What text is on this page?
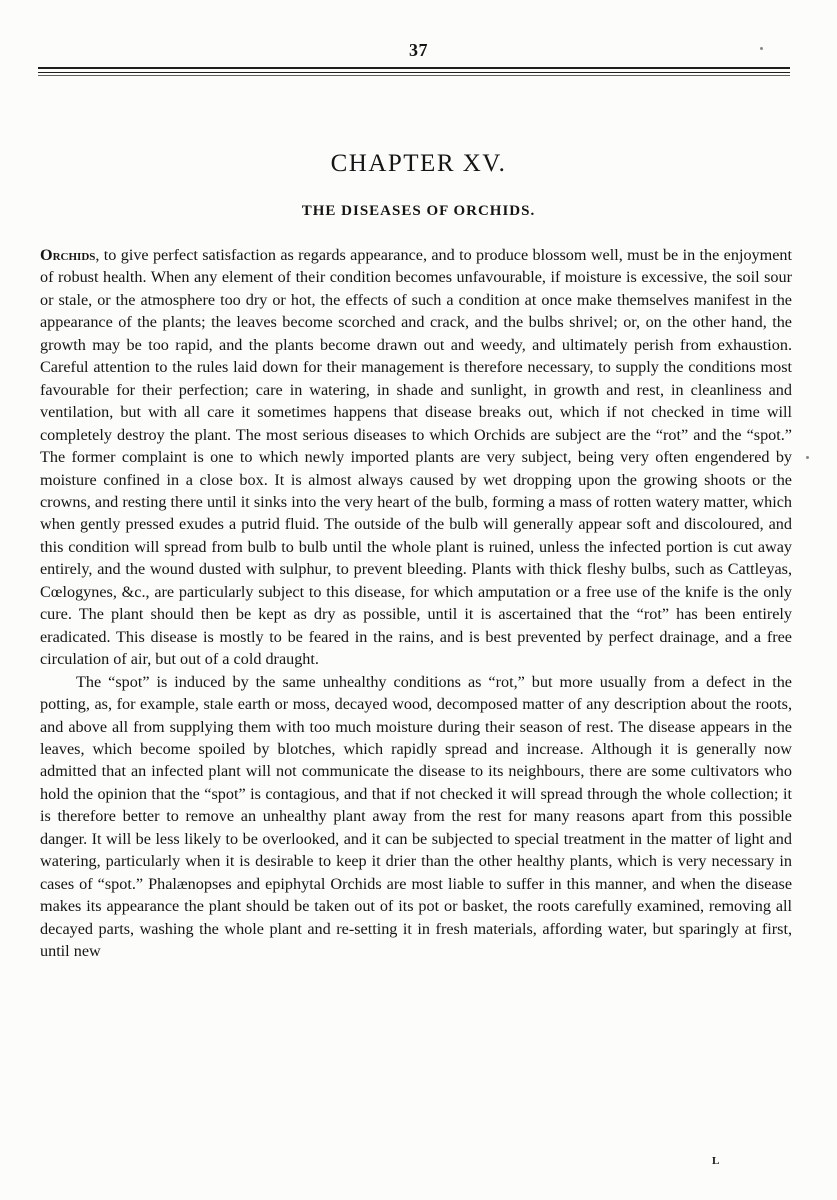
37
CHAPTER XV.
THE DISEASES OF ORCHIDS.

Orchids, to give perfect satisfaction as regards appearance, and to produce blossom well, must be in the enjoyment of robust health. When any element of their condition becomes unfavourable, if moisture is excessive, the soil sour or stale, or the atmosphere too dry or hot, the effects of such a condition at once make themselves manifest in the appearance of the plants; the leaves become scorched and crack, and the bulbs shrivel; or, on the other hand, the growth may be too rapid, and the plants become drawn out and weedy, and ultimately perish from exhaustion. Careful attention to the rules laid down for their management is therefore necessary, to supply the conditions most favourable for their perfection; care in watering, in shade and sunlight, in growth and rest, in cleanliness and ventilation, but with all care it sometimes happens that disease breaks out, which if not checked in time will completely destroy the plant. The most serious diseases to which Orchids are subject are the “rot” and the “spot.” The former complaint is one to which newly imported plants are very subject, being very often engendered by moisture confined in a close box. It is almost always caused by wet dropping upon the growing shoots or the crowns, and resting there until it sinks into the very heart of the bulb, forming a mass of rotten watery matter, which when gently pressed exudes a putrid fluid. The outside of the bulb will generally appear soft and discoloured, and this condition will spread from bulb to bulb until the whole plant is ruined, unless the infected portion is cut away entirely, and the wound dusted with sulphur, to prevent bleeding. Plants with thick fleshy bulbs, such as Cattleyas, Cœlogynes, &c., are particularly subject to this disease, for which amputation or a free use of the knife is the only cure. The plant should then be kept as dry as possible, until it is ascertained that the “rot” has been entirely eradicated. This disease is mostly to be feared in the rains, and is best prevented by perfect drainage, and a free circulation of air, but out of a cold draught.

The “spot” is induced by the same unhealthy conditions as “rot,” but more usually from a defect in the potting, as, for example, stale earth or moss, decayed wood, decomposed matter of any description about the roots, and above all from supplying them with too much moisture during their season of rest. The disease appears in the leaves, which become spoiled by blotches, which rapidly spread and increase. Although it is generally now admitted that an infected plant will not communicate the disease to its neighbours, there are some cultivators who hold the opinion that the “spot” is contagious, and that if not checked it will spread through the whole collection; it is therefore better to remove an unhealthy plant away from the rest for many reasons apart from this possible danger. It will be less likely to be overlooked, and it can be subjected to special treatment in the matter of light and watering, particularly when it is desirable to keep it drier than the other healthy plants, which is very necessary in cases of “spot.” Phalænopses and epiphytal Orchids are most liable to suffer in this manner, and when the disease makes its appearance the plant should be taken out of its pot or basket, the roots carefully examined, removing all decayed parts, washing the whole plant and re-setting it in fresh materials, affording water, but sparingly at first, until new

L
